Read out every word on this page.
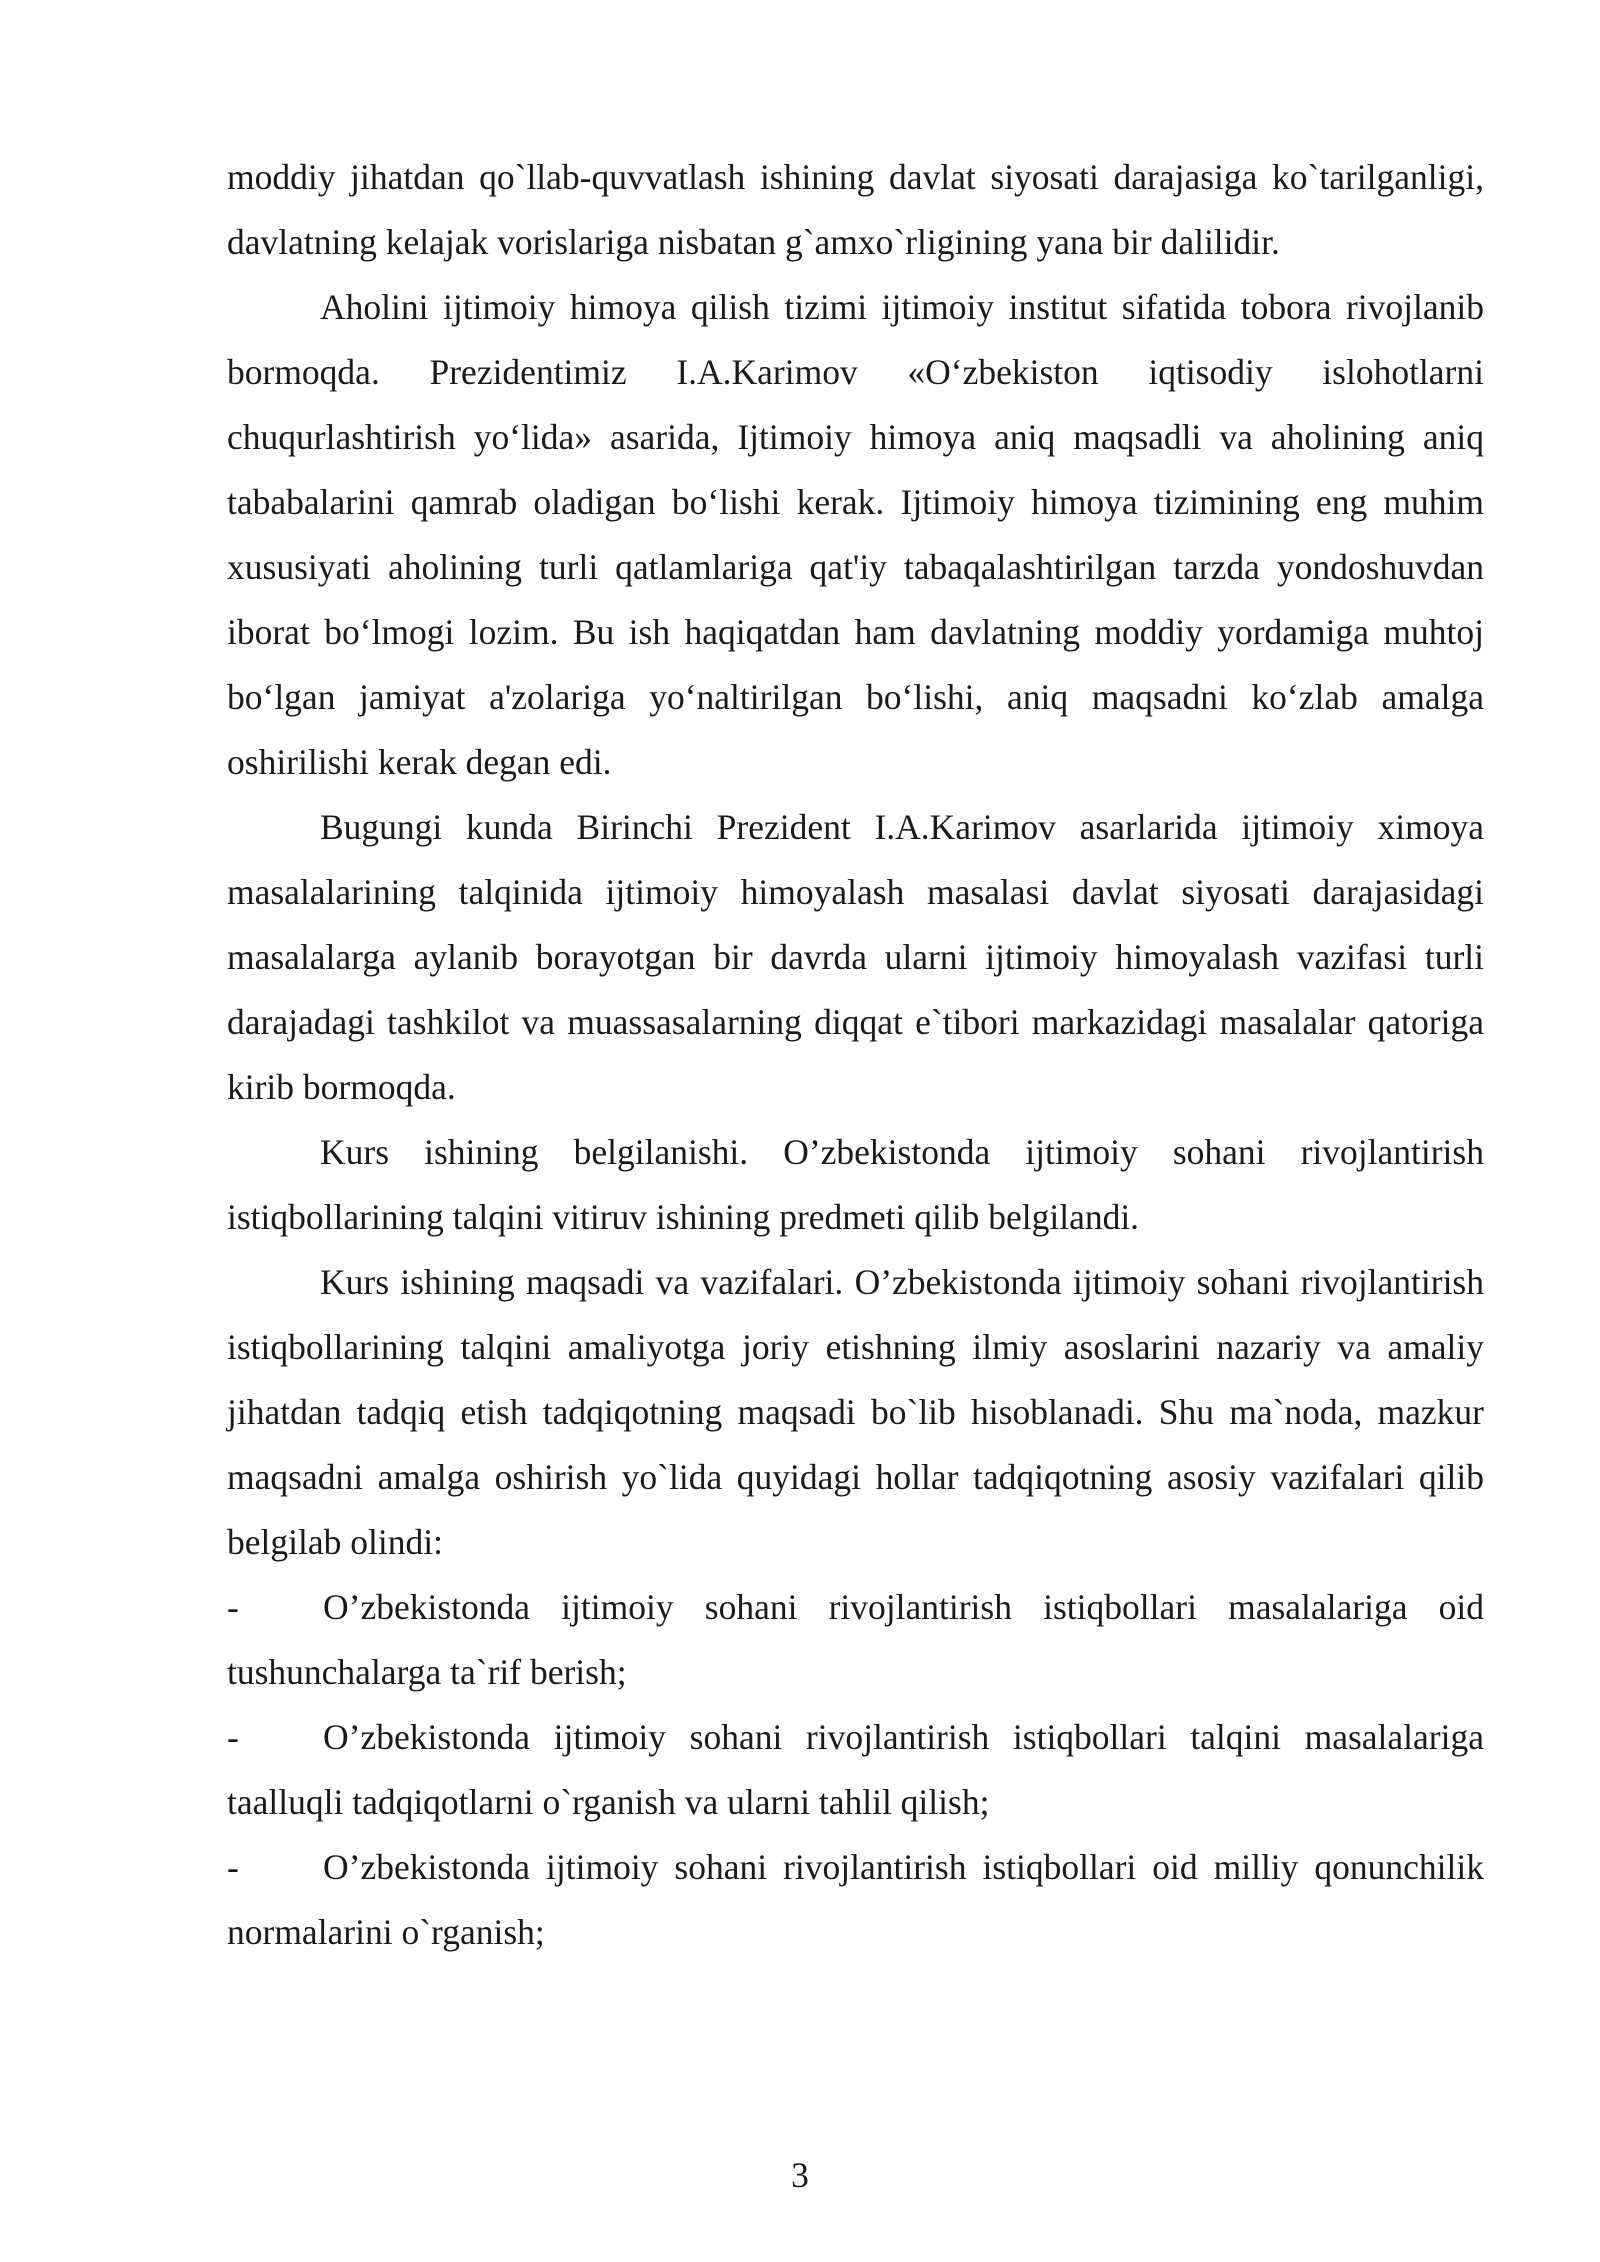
moddiy jihatdan qo`llab-quvvatlash ishining davlat siyosati darajasiga ko`tarilganligi, davlatning kelajak vorislariga nisbatan g`amxo`rligining yana bir dalilidir.

Aholini ijtimoiy himoya qilish tizimi ijtimoiy institut sifatida tobora rivojlanib bormoqda. Prezidentimiz I.A.Karimov «O‘zbekiston iqtisodiy islohotlarni chuqurlashtirish yo‘lida» asarida, Ijtimoiy himoya aniq maqsadli va aholining aniq tababalarini qamrab oladigan bo‘lishi kerak. Ijtimoiy himoya tizimining eng muhim xususiyati aholining turli qatlamlariga qat'iy tabaqalashtirilgan tarzda yondoshuvdan iborat bo‘lmogi lozim. Bu ish haqiqatdan ham davlatning moddiy yordamiga muhtoj bo‘lgan jamiyat a'zolariga yo‘naltirilgan bo‘lishi, aniq maqsadni ko‘zlab amalga oshirilishi kerak degan edi.

Bugungi kunda Birinchi Prezident I.A.Karimov asarlarida ijtimoiy ximoya masalalarining talqinida ijtimoiy himoyalash masalasi davlat siyosati darajasidagi masalalarga aylanib borayotgan bir davrda ularni ijtimoiy himoyalash vazifasi turli darajadagi tashkilot va muassasalarning diqqat e`tibori markazidagi masalalar qatoriga kirib bormoqda.

Kurs ishining belgilanishi. O’zbekistonda ijtimoiy sohani rivojlantirish istiqbollarining talqini vitiruv ishining predmeti qilib belgilandi.

Kurs ishining maqsadi va vazifalari. O’zbekistonda ijtimoiy sohani rivojlantirish istiqbollarining talqini amaliyotga joriy etishning ilmiy asoslarini nazariy va amaliy jihatdan tadqiq etish tadqiqotning maqsadi bo`lib hisoblanadi. Shu ma`noda, mazkur maqsadni amalga oshirish yo`lida quyidagi hollar tadqiqotning asosiy vazifalari qilib belgilab olindi:

- O’zbekistonda ijtimoiy sohani rivojlantirish istiqbollari masalalariga oid tushunchalarga ta`rif berish;

- O’zbekistonda ijtimoiy sohani rivojlantirish istiqbollari talqini masalalariga taalluqli tadqiqotlarni o`rganish va ularni tahlil qilish;

- O’zbekistonda ijtimoiy sohani rivojlantirish istiqbollari oid milliy qonunchilik normalarini o`rganish;

3
